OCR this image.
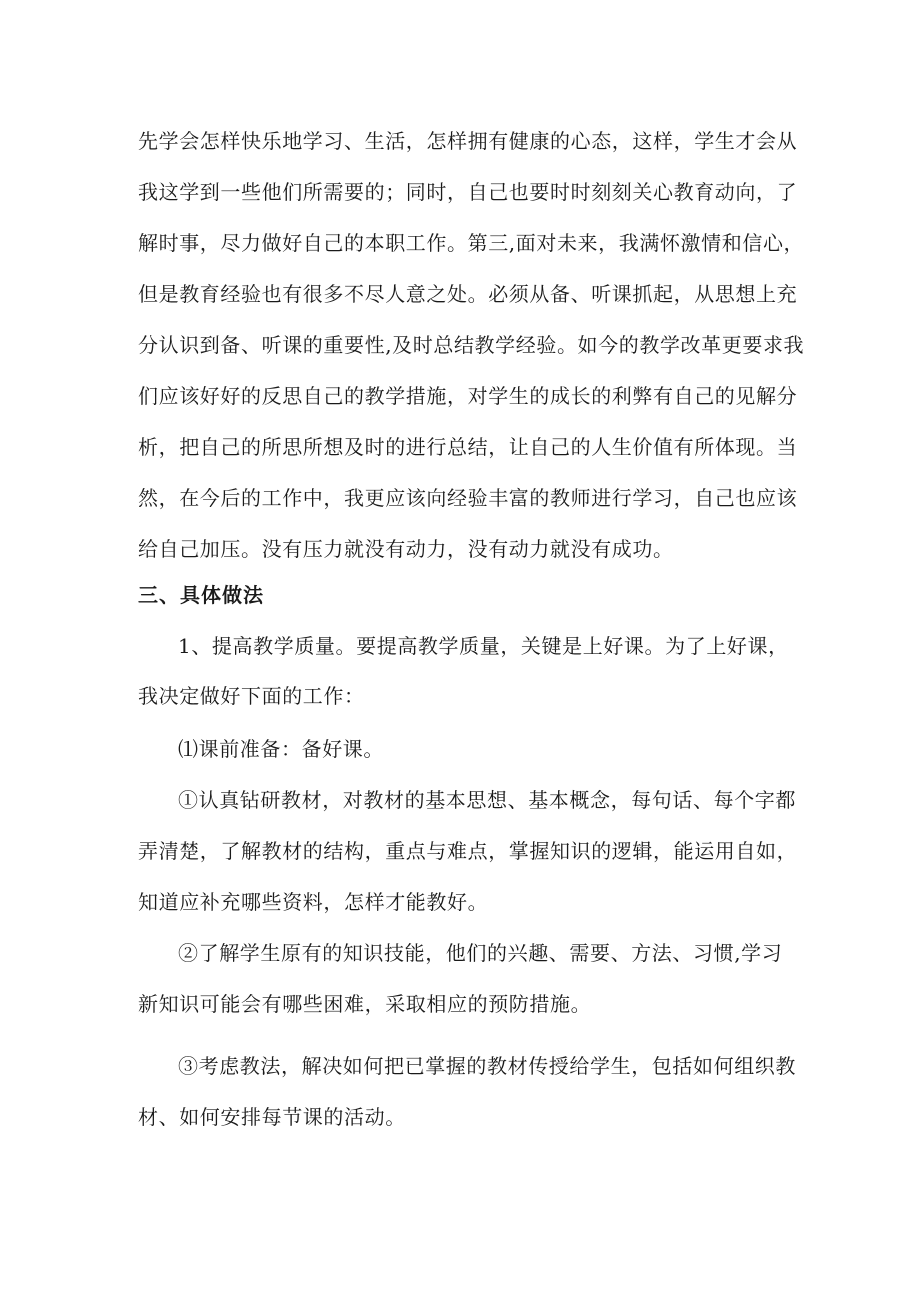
先学会怎样快乐地学习、生活，怎样拥有健康的心态，这样，学生才会从
我这学到一些他们所需要的；同时，自己也要时时刻刻关心教育动向，了
解时事，尽力做好自己的本职工作。第三,面对未来，我满怀激情和信心，
但是教育经验也有很多不尽人意之处。必须从备、听课抓起，从思想上充
分认识到备、听课的重要性,及时总结教学经验。如今的教学改革更要求我
们应该好好的反思自己的教学措施，对学生的成长的利弊有自己的见解分
析，把自己的所思所想及时的进行总结，让自己的人生价值有所体现。当
然，在今后的工作中，我更应该向经验丰富的教师进行学习，自己也应该
给自己加压。没有压力就没有动力，没有动力就没有成功。
三、具体做法
1、提高教学质量。要提高教学质量，关键是上好课。为了上好课，
我决定做好下面的工作：
⑴课前准备：备好课。
①认真钻研教材，对教材的基本思想、基本概念，每句话、每个字都
弄清楚，了解教材的结构，重点与难点，掌握知识的逻辑，能运用自如，
知道应补充哪些资料，怎样才能教好。
②了解学生原有的知识技能，他们的兴趣、需要、方法、习惯,学习
新知识可能会有哪些困难，采取相应的预防措施。
③考虑教法，解决如何把已掌握的教材传授给学生，包括如何组织教
材、如何安排每节课的活动。
